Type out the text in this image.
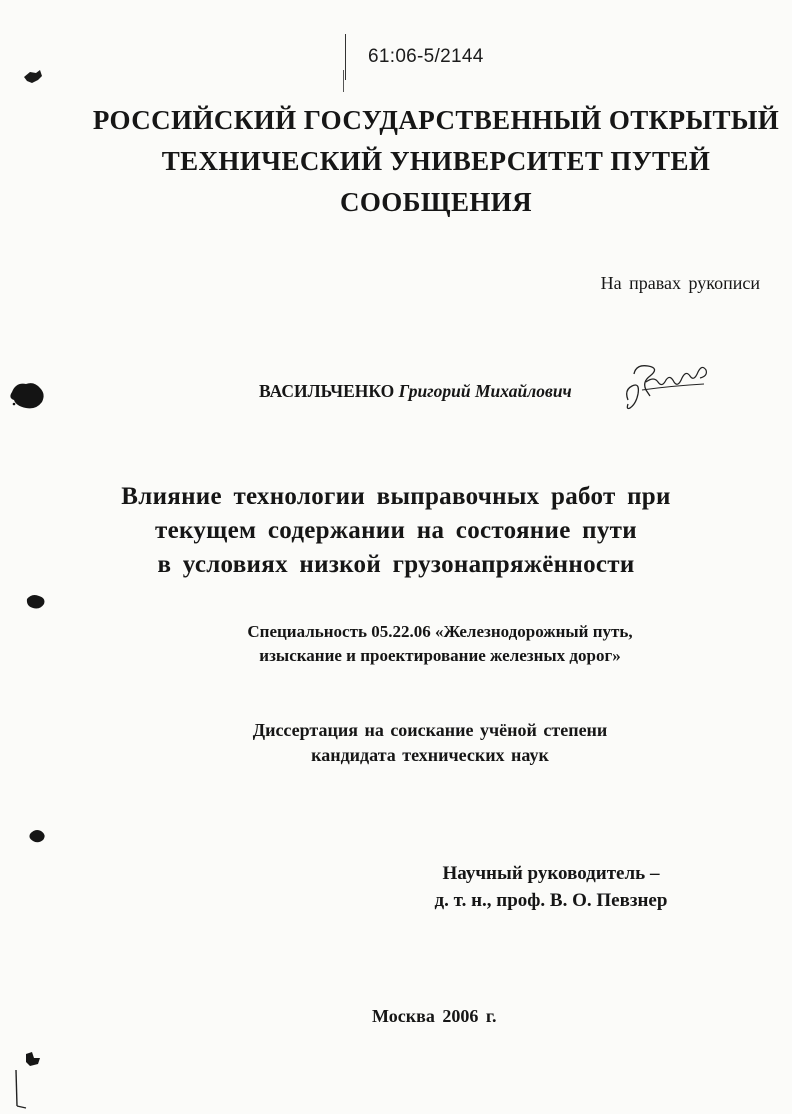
61:06-5/2144

РОССИЙСКИЙ ГОСУДАРСТВЕННЫЙ ОТКРЫТЫЙ
ТЕХНИЧЕСКИЙ УНИВЕРСИТЕТ ПУТЕЙ
СООБЩЕНИЯ

На правах рукописи

ВАСИЛЬЧЕНКО Григорий Михайлович

Влияние технологии выправочных работ при
текущем содержании на состояние пути
в условиях низкой грузонапряжённости

Специальность 05.22.06 «Железнодорожный путь,
изыскание и проектирование железных дорог»

Диссертация на соискание учёной степени
кандидата технических наук

Научный руководитель –
д. т. н., проф. В. О. Певзнер

Москва 2006 г.
